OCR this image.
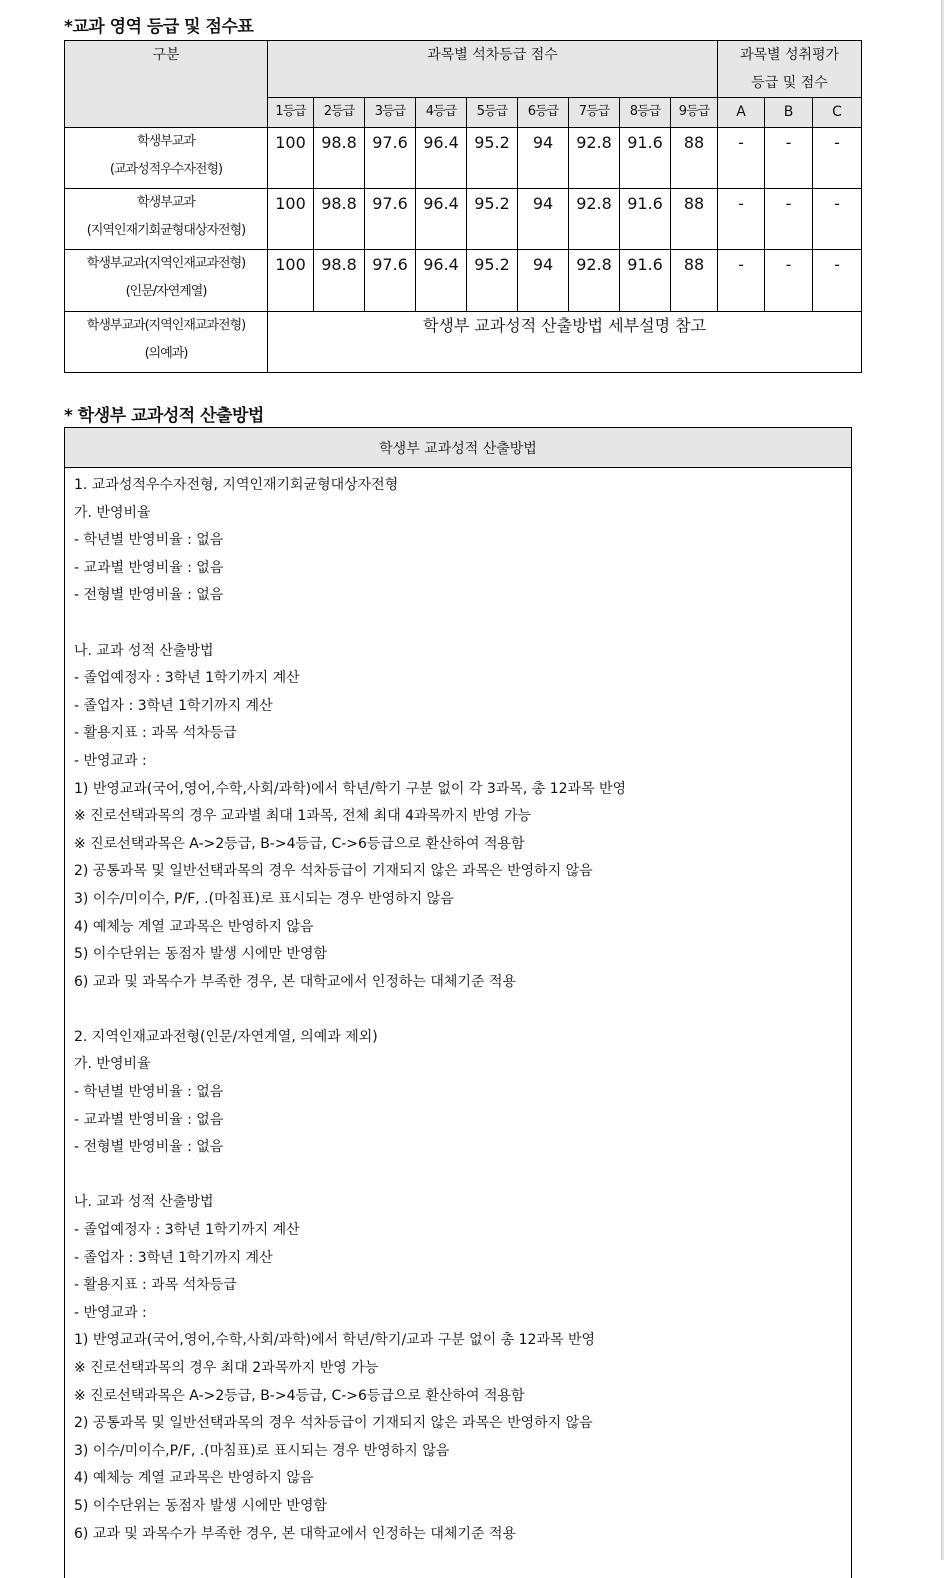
*교과 영역 등급 및 점수표
구분	과목별 석차등급 점수									과목별 성취평가
등급 및 점수		

	1등급	2등급	3등급	4등급	5등급	6등급	7등급	8등급	9등급	A	B	C

학생부교과
(교과성적우수자전형)	100	98.8	97.6	96.4	95.2	94	92.8	91.6	88	-	-	-

학생부교과
(지역인재기회균형대상자전형)	100	98.8	97.6	96.4	95.2	94	92.8	91.6	88	-	-	-

학생부교과(지역인재교과전형)
(인문/자연계열)	100	98.8	97.6	96.4	95.2	94	92.8	91.6	88	-	-	-

학생부교과(지역인재교과전형)
(의예과)	학생부 교과성적 산출방법 세부설명 참고											
* 학생부 교과성적 산출방법
학생부 교과성적 산출방법

1. 교과성적우수자전형, 지역인재기회균형대상자전형
가. 반영비율
- 학년별 반영비율 : 없음
- 교과별 반영비율 : 없음
- 전형별 반영비율 : 없음
나. 교과 성적 산출방법
- 졸업예정자 : 3학년 1학기까지 계산
- 졸업자 : 3학년 1학기까지 계산
- 활용지표 : 과목 석차등급
- 반영교과 :
1) 반영교과(국어,영어,수학,사회/과학)에서 학년/학기 구분 없이 각 3과목, 총 12과목 반영
※ 진로선택과목의 경우 교과별 최대 1과목, 전체 최대 4과목까지 반영 가능
※ 진로선택과목은 A->2등급, B->4등급, C->6등급으로 환산하여 적용함
2) 공통과목 및 일반선택과목의 경우 석차등급이 기재되지 않은 과목은 반영하지 않음
3) 이수/미이수, P/F, .(마침표)로 표시되는 경우 반영하지 않음
4) 예체능 계열 교과목은 반영하지 않음
5) 이수단위는 동점자 발생 시에만 반영함
6) 교과 및 과목수가 부족한 경우, 본 대학교에서 인정하는 대체기준 적용
2. 지역인재교과전형(인문/자연계열, 의예과 제외)
가. 반영비율
- 학년별 반영비율 : 없음
- 교과별 반영비율 : 없음
- 전형별 반영비율 : 없음
나. 교과 성적 산출방법
- 졸업예정자 : 3학년 1학기까지 계산
- 졸업자 : 3학년 1학기까지 계산
- 활용지표 : 과목 석차등급
- 반영교과 :
1) 반영교과(국어,영어,수학,사회/과학)에서 학년/학기/교과 구분 없이 총 12과목 반영
※ 진로선택과목의 경우 최대 2과목까지 반영 가능
※ 진로선택과목은 A->2등급, B->4등급, C->6등급으로 환산하여 적용함
2) 공통과목 및 일반선택과목의 경우 석차등급이 기재되지 않은 과목은 반영하지 않음
3) 이수/미이수,P/F, .(마침표)로 표시되는 경우 반영하지 않음
4) 예체능 계열 교과목은 반영하지 않음
5) 이수단위는 동점자 발생 시에만 반영함
6) 교과 및 과목수가 부족한 경우, 본 대학교에서 인정하는 대체기준 적용
